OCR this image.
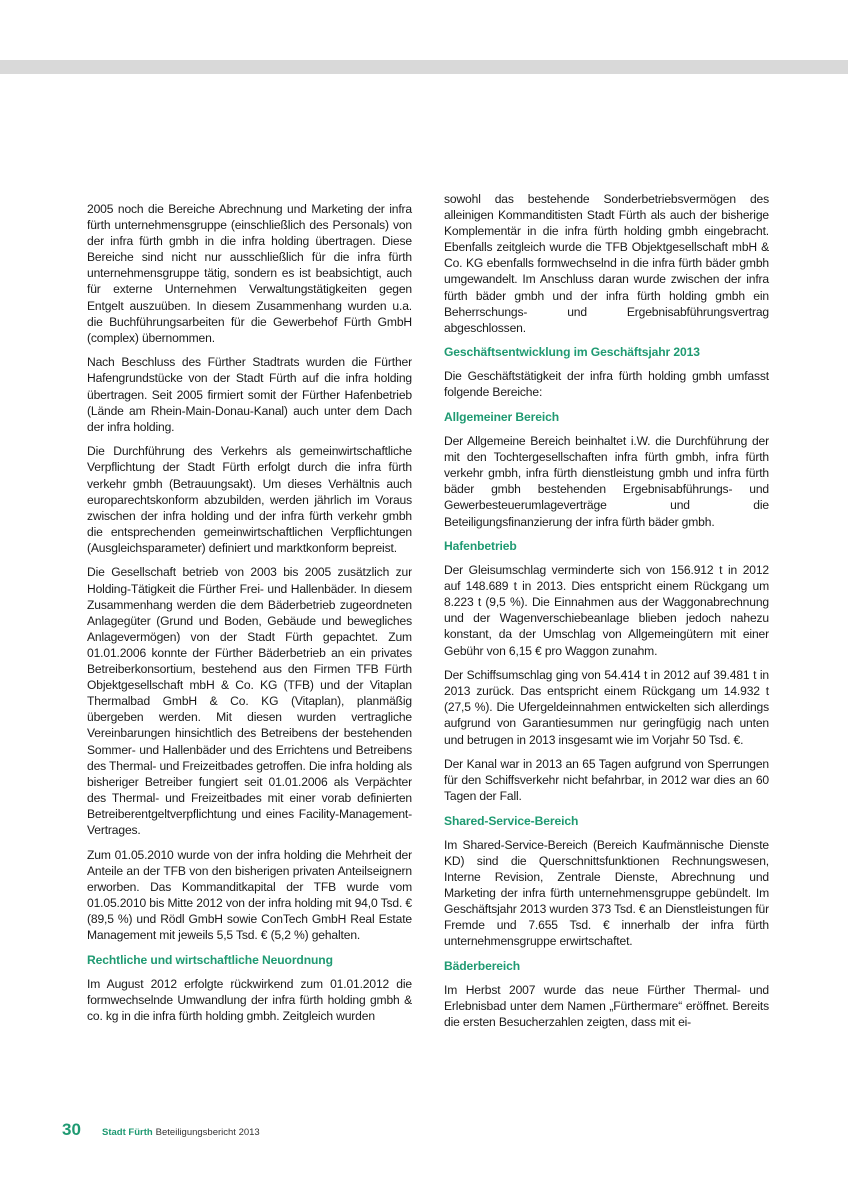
2005 noch die Bereiche Abrechnung und Marketing der infra fürth unternehmensgruppe (einschließlich des Personals) von der infra fürth gmbh in die infra holding übertragen. Diese Bereiche sind nicht nur ausschließlich für die infra fürth unternehmensgruppe tätig, sondern es ist beabsichtigt, auch für externe Unternehmen Verwaltungstätigkeiten gegen Entgelt auszuüben. In diesem Zusammenhang wurden u.a. die Buchführungsarbeiten für die Gewerbehof Fürth GmbH (complex) übernommen.

Nach Beschluss des Fürther Stadtrats wurden die Fürther Hafengrundstücke von der Stadt Fürth auf die infra holding übertragen. Seit 2005 firmiert somit der Fürther Hafenbetrieb (Lände am Rhein-Main-Donau-Kanal) auch unter dem Dach der infra holding.

Die Durchführung des Verkehrs als gemeinwirtschaftliche Verpflichtung der Stadt Fürth erfolgt durch die infra fürth verkehr gmbh (Betrauungsakt). Um dieses Verhältnis auch europarechtskonform abzubilden, werden jährlich im Voraus zwischen der infra holding und der infra fürth verkehr gmbh die entsprechenden gemeinwirtschaftlichen Verpflichtungen (Ausgleichsparameter) definiert und marktkonform bepreist.

Die Gesellschaft betrieb von 2003 bis 2005 zusätzlich zur Holding-Tätigkeit die Fürther Frei- und Hallenbäder. In diesem Zusammenhang werden die dem Bäderbetrieb zugeordneten Anlagegüter (Grund und Boden, Gebäude und bewegliches Anlagevermögen) von der Stadt Fürth gepachtet. Zum 01.01.2006 konnte der Fürther Bäderbetrieb an ein privates Betreiberkonsortium, bestehend aus den Firmen TFB Fürth Objektgesellschaft mbH & Co. KG (TFB) und der Vitaplan Thermalbad GmbH & Co. KG (Vitaplan), planmäßig übergeben werden. Mit diesen wurden vertragliche Vereinbarungen hinsichtlich des Betreibens der bestehenden Sommer- und Hallenbäder und des Errichtens und Betreibens des Thermal- und Freizeitbades getroffen. Die infra holding als bisheriger Betreiber fungiert seit 01.01.2006 als Verpächter des Thermal- und Freizeitbades mit einer vorab definierten Betreiberentgeltverpflichtung und eines Facility-Management-Vertrages.

Zum 01.05.2010 wurde von der infra holding die Mehrheit der Anteile an der TFB von den bisherigen privaten Anteilseignern erworben. Das Kommanditkapital der TFB wurde vom 01.05.2010 bis Mitte 2012 von der infra holding mit 94,0 Tsd. € (89,5 %) und Rödl GmbH sowie ConTech GmbH Real Estate Management mit jeweils 5,5 Tsd. € (5,2 %) gehalten.

Rechtliche und wirtschaftliche Neuordnung

Im August 2012 erfolgte rückwirkend zum 01.01.2012 die formwechselnde Umwandlung der infra fürth holding gmbh & co. kg in die infra fürth holding gmbh. Zeitgleich wurden

sowohl das bestehende Sonderbetriebsvermögen des alleinigen Kommanditisten Stadt Fürth als auch der bisherige Komplementär in die infra fürth holding gmbh eingebracht. Ebenfalls zeitgleich wurde die TFB Objektgesellschaft mbH & Co. KG ebenfalls formwechselnd in die infra fürth bäder gmbh umgewandelt. Im Anschluss daran wurde zwischen der infra fürth bäder gmbh und der infra fürth holding gmbh ein Beherrschungs- und Ergebnisabführungsvertrag abgeschlossen.

Geschäftsentwicklung im Geschäftsjahr 2013

Die Geschäftstätigkeit der infra fürth holding gmbh umfasst folgende Bereiche:

Allgemeiner Bereich

Der Allgemeine Bereich beinhaltet i.W. die Durchführung der mit den Tochtergesellschaften infra fürth gmbh, infra fürth verkehr gmbh, infra fürth dienstleistung gmbh und infra fürth bäder gmbh bestehenden Ergebnisabführungs- und Gewerbesteuerumlageverträge und die Beteiligungsfinanzierung der infra fürth bäder gmbh.

Hafenbetrieb

Der Gleisumschlag verminderte sich von 156.912 t in 2012 auf 148.689 t in 2013. Dies entspricht einem Rückgang um 8.223 t (9,5 %). Die Einnahmen aus der Waggonabrechnung und der Wagenverschiebeanlage blieben jedoch nahezu konstant, da der Umschlag von Allgemeingütern mit einer Gebühr von 6,15 € pro Waggon zunahm.

Der Schiffsumschlag ging von 54.414 t in 2012 auf 39.481 t in 2013 zurück. Das entspricht einem Rückgang um 14.932 t (27,5 %). Die Ufergeldeinnahmen entwickelten sich allerdings aufgrund von Garantiesummen nur geringfügig nach unten und betrugen in 2013 insgesamt wie im Vorjahr 50 Tsd. €.

Der Kanal war in 2013 an 65 Tagen aufgrund von Sperrungen für den Schiffsverkehr nicht befahrbar, in 2012 war dies an 60 Tagen der Fall.

Shared-Service-Bereich

Im Shared-Service-Bereich (Bereich Kaufmännische Dienste KD) sind die Querschnittsfunktionen Rechnungswesen, Interne Revision, Zentrale Dienste, Abrechnung und Marketing der infra fürth unternehmensgruppe gebündelt. Im Geschäftsjahr 2013 wurden 373 Tsd. € an Dienstleistungen für Fremde und 7.655 Tsd. € innerhalb der infra fürth unternehmensgruppe erwirtschaftet.

Bäderbereich

Im Herbst 2007 wurde das neue Fürther Thermal- und Erlebnisbad unter dem Namen „Fürthermare“ eröffnet. Bereits die ersten Besucherzahlen zeigten, dass mit ei-

30	Stadt Fürth Beteiligungsbericht 2013
